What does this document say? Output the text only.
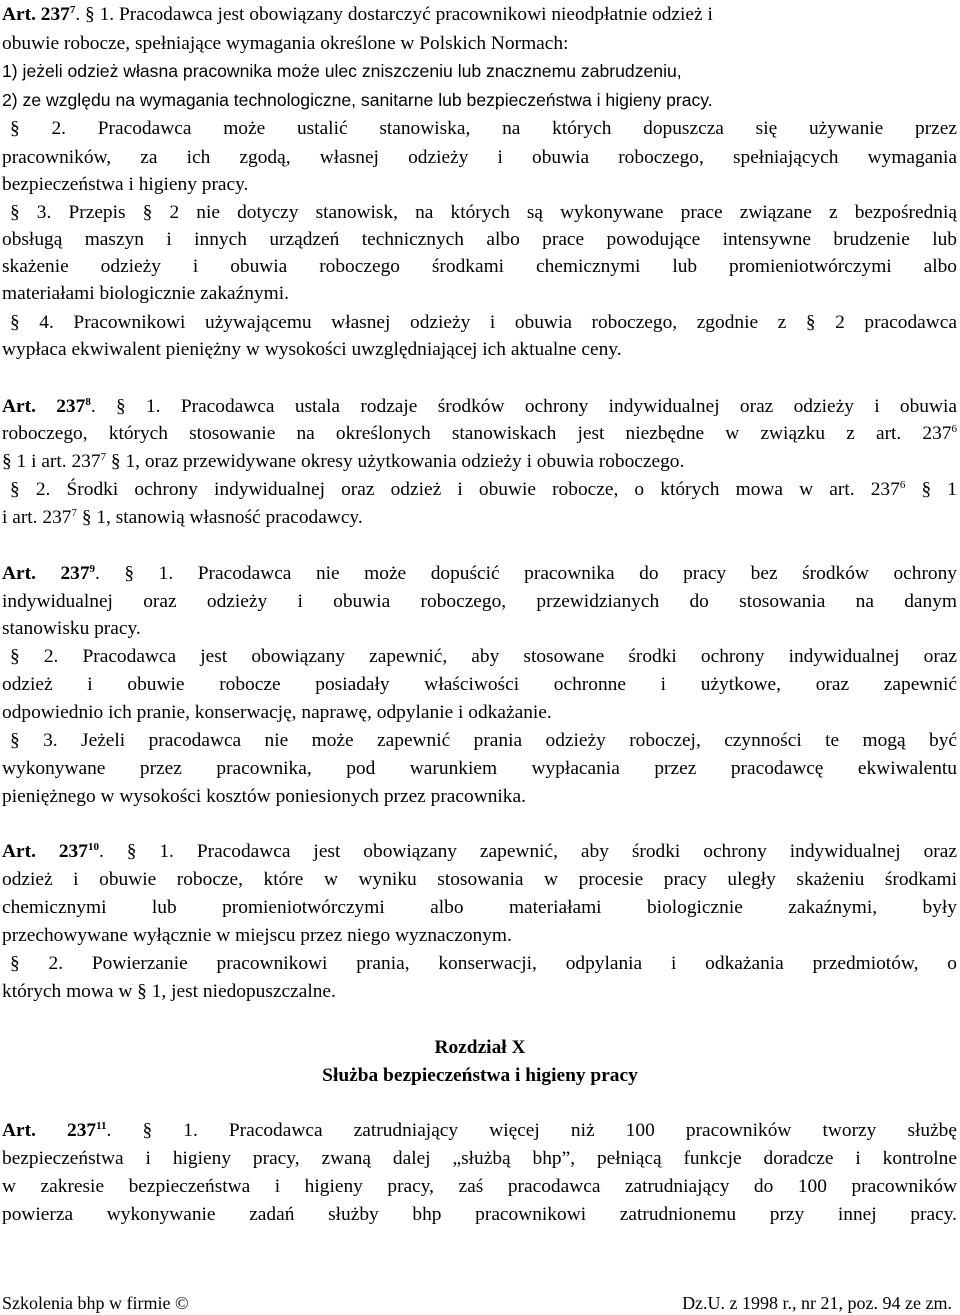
Art. $237^7$. § 1. Pracodawca jest obowiązany dostarczyć pracownikowi nieodpłatnie odzież i
obuwie robocze, spełniające wymagania określone w Polskich Normach:
1) jeżeli odzież własna pracownika może ulec zniszczeniu lub znacznemu zabrudzeniu,
2) ze względu na wymagania technologiczne, sanitarne lub bezpieczeństwa i higieny pracy.
§ 2. Pracodawca może ustalić stanowiska, na których dopuszcza się używanie przez
pracowników, za ich zgodą, własnej odzieży i obuwia roboczego, spełniających wymagania
bezpieczeństwa i higieny pracy.
§ 3. Przepis § 2 nie dotyczy stanowisk, na których są wykonywane prace związane z bezpośrednią
obsługą maszyn i innych urządzeń technicznych albo prace powodujące intensywne brudzenie lub
skażenie odzieży i obuwia roboczego środkami chemicznymi lub promieniotwórczymi albo
materiałami biologicznie zakaźnymi.
§ 4. Pracownikowi używającemu własnej odzieży i obuwia roboczego, zgodnie z § 2 pracodawca
wypłaca ekwiwalent pieniężny w wysokości uwzględniającej ich aktualne ceny.
Art. $237^8$. § 1. Pracodawca ustala rodzaje środków ochrony indywidualnej oraz odzieży i obuwia
roboczego, których stosowanie na określonych stanowiskach jest niezbędne w związku z art. $237^6$
§ 1 i art. $237^7$ § 1, oraz przewidywane okresy użytkowania odzieży i obuwia roboczego.
§ 2. Środki ochrony indywidualnej oraz odzież i obuwie robocze, o których mowa w art. $237^6$ § 1
i art. $237^7$ § 1, stanowią własność pracodawcy.
Art. $237^9$. § 1. Pracodawca nie może dopuścić pracownika do pracy bez środków ochrony
indywidualnej oraz odzieży i obuwia roboczego, przewidzianych do stosowania na danym
stanowisku pracy.
§ 2. Pracodawca jest obowiązany zapewnić, aby stosowane środki ochrony indywidualnej oraz
odzież i obuwie robocze posiadały właściwości ochronne i użytkowe, oraz zapewnić
odpowiednio ich pranie, konserwację, naprawę, odpylanie i odkażanie.
§ 3. Jeżeli pracodawca nie może zapewnić prania odzieży roboczej, czynności te mogą być
wykonywane przez pracownika, pod warunkiem wypłacania przez pracodawcę ekwiwalentu
pieniężnego w wysokości kosztów poniesionych przez pracownika.
Art. $237^{10}$. § 1. Pracodawca jest obowiązany zapewnić, aby środki ochrony indywidualnej oraz
odzież i obuwie robocze, które w wyniku stosowania w procesie pracy uległy skażeniu środkami
chemicznymi lub promieniotwórczymi albo materiałami biologicznie zakaźnymi, były
przechowywane wyłącznie w miejscu przez niego wyznaczonym.
§ 2. Powierzanie pracownikowi prania, konserwacji, odpylania i odkażania przedmiotów, o
których mowa w § 1, jest niedopuszczalne.
Rozdział X
Służba bezpieczeństwa i higieny pracy
Art. $237^{11}$. § 1. Pracodawca zatrudniający więcej niż 100 pracowników tworzy służbę
bezpieczeństwa i higieny pracy, zwaną dalej „służbą bhp”, pełniącą funkcje doradcze i kontrolne
w zakresie bezpieczeństwa i higieny pracy, zaś pracodawca zatrudniający do 100 pracowników
powierza wykonywanie zadań służby bhp pracownikowi zatrudnionemu przy innej pracy.
Szkolenia bhp w firmie ©	Dz.U. z 1998 r., nr 21, poz. 94 ze zm.
